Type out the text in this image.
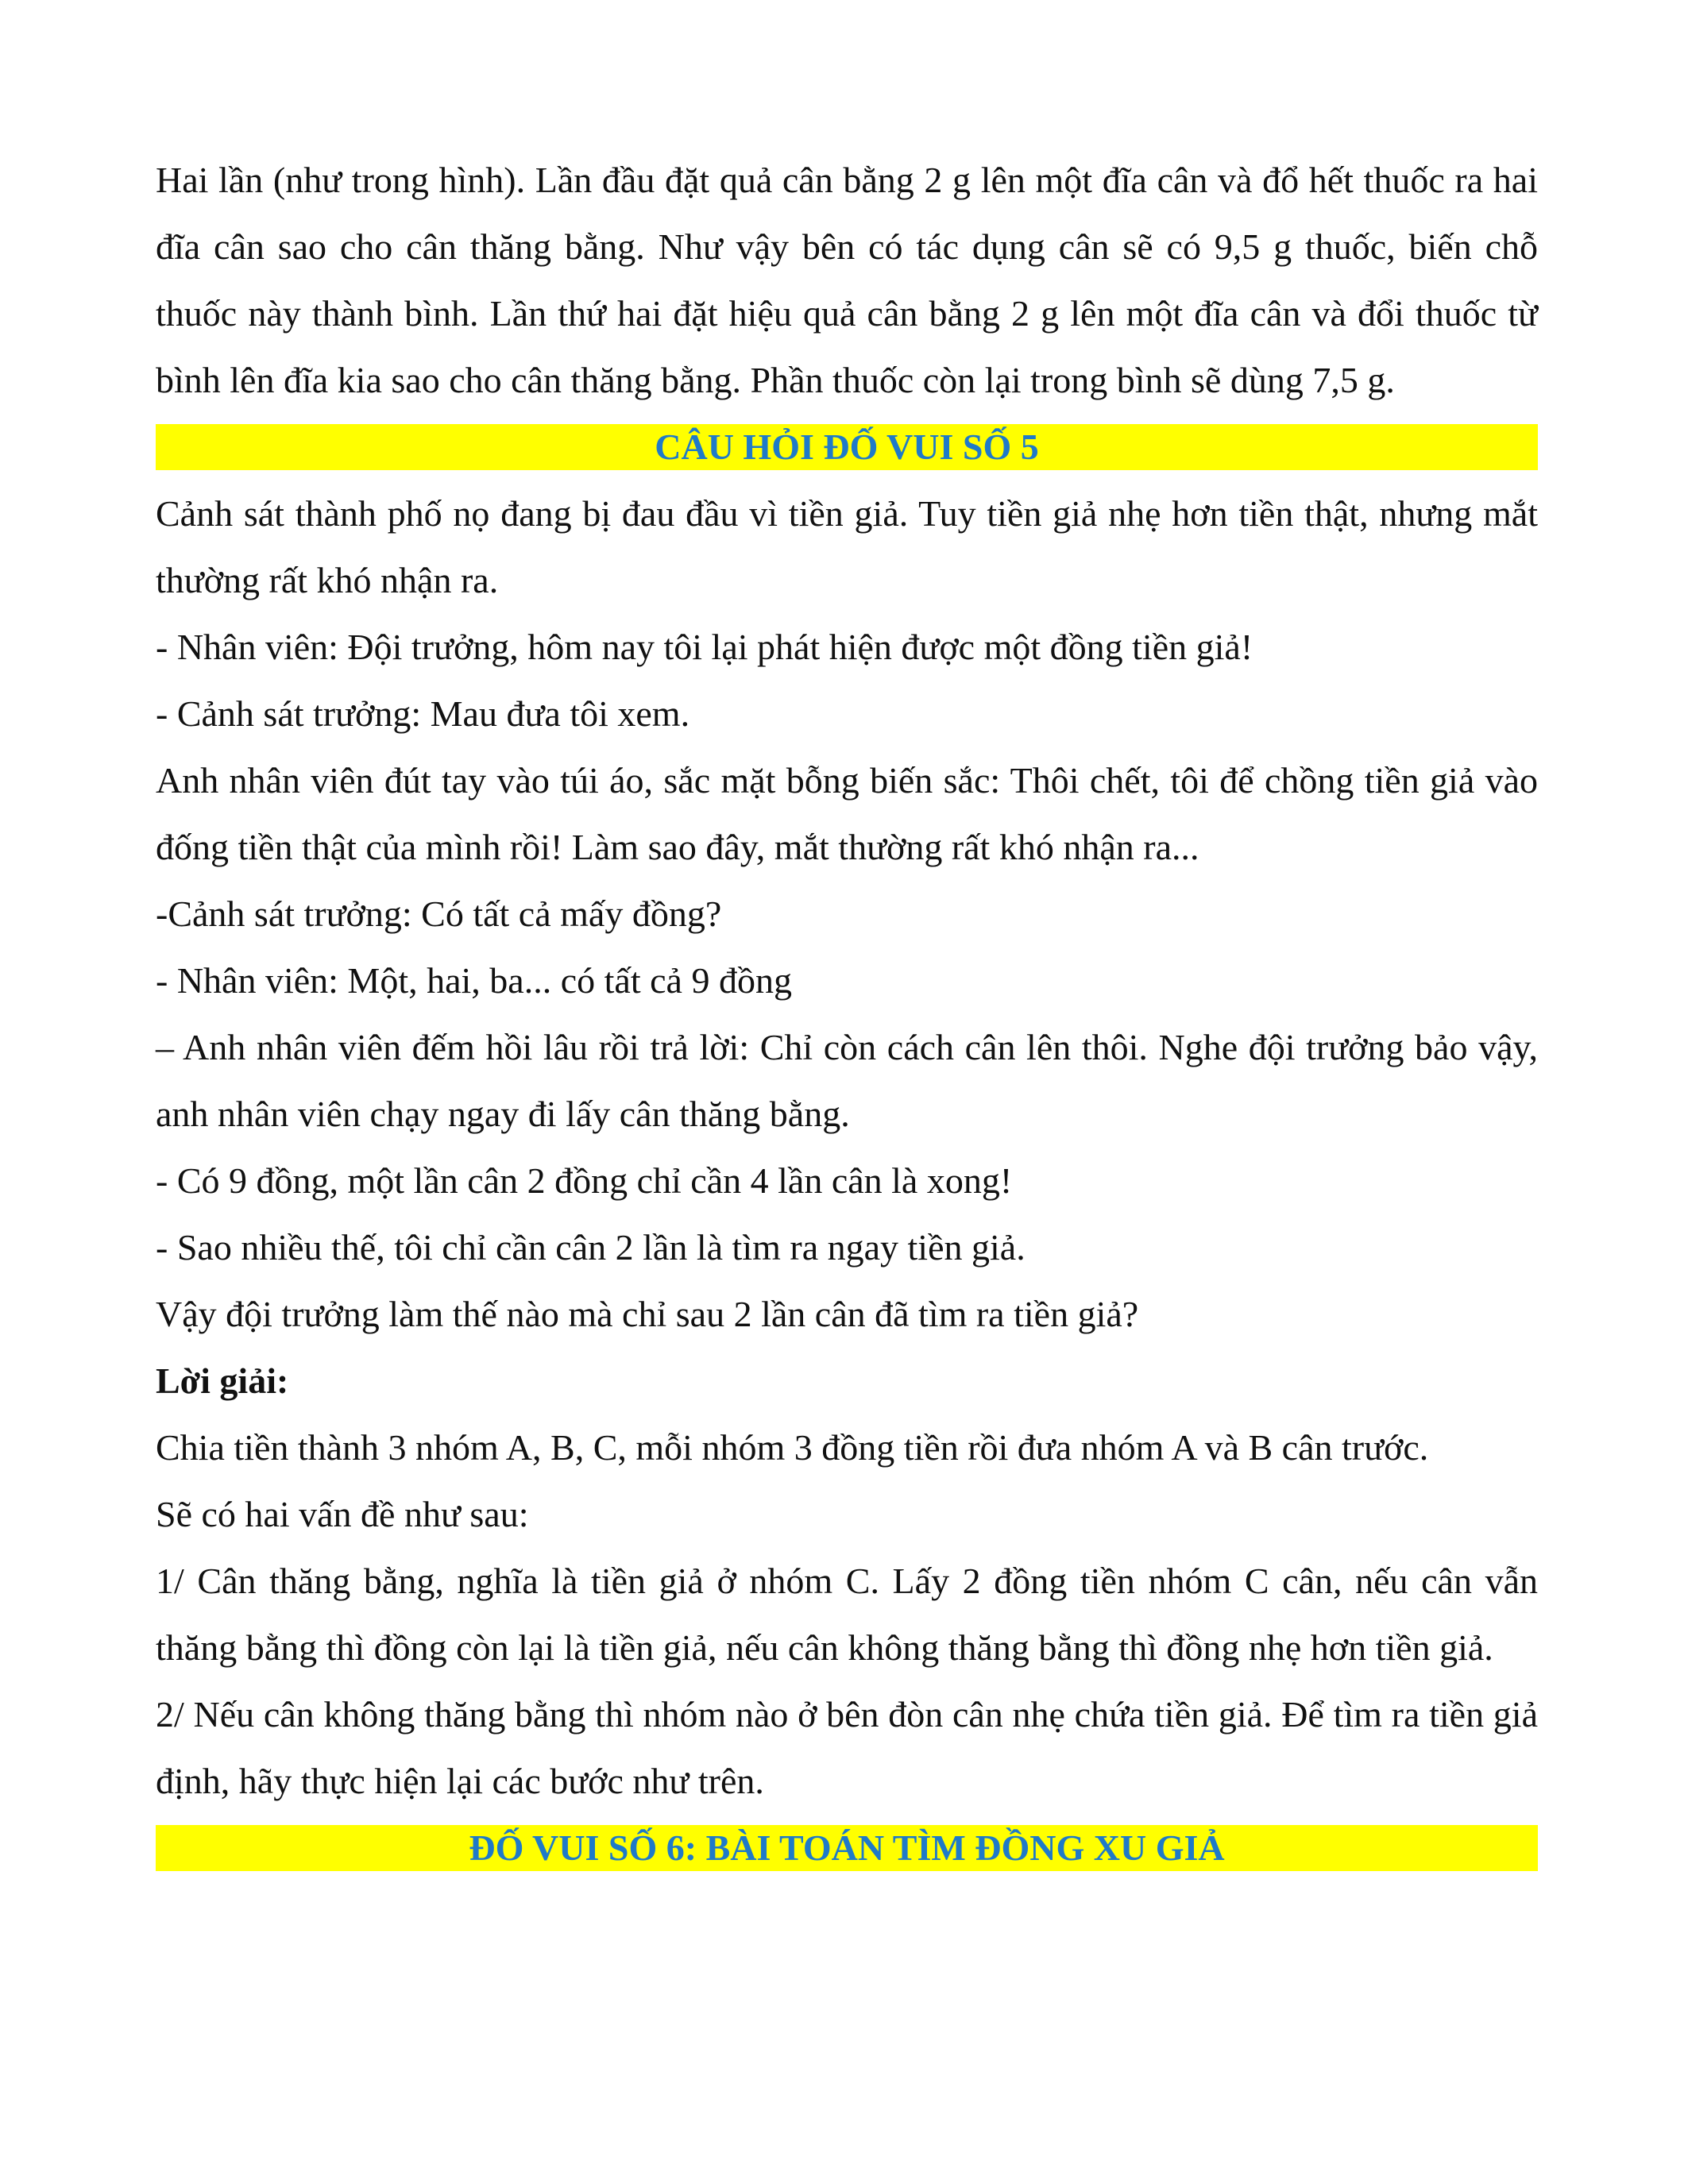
Hai lần (như trong hình). Lần đầu đặt quả cân bằng 2 g lên một đĩa cân và đổ hết thuốc ra hai đĩa cân sao cho cân thăng bằng. Như vậy bên có tác dụng cân sẽ có 9,5 g thuốc, biến chỗ thuốc này thành bình. Lần thứ hai đặt hiệu quả cân bằng 2 g lên một đĩa cân và đổi thuốc từ bình lên đĩa kia sao cho cân thăng bằng. Phần thuốc còn lại trong bình sẽ dùng 7,5 g.

CÂU HỎI ĐỐ VUI SỐ 5

Cảnh sát thành phố nọ đang bị đau đầu vì tiền giả. Tuy tiền giả nhẹ hơn tiền thật, nhưng mắt thường rất khó nhận ra.

- Nhân viên: Đội trưởng, hôm nay tôi lại phát hiện được một đồng tiền giả!

- Cảnh sát trưởng: Mau đưa tôi xem.

Anh nhân viên đút tay vào túi áo, sắc mặt bỗng biến sắc: Thôi chết, tôi để chồng tiền giả vào đống tiền thật của mình rồi! Làm sao đây, mắt thường rất khó nhận ra...

-Cảnh sát trưởng: Có tất cả mấy đồng?

- Nhân viên: Một, hai, ba... có tất cả 9 đồng

– Anh nhân viên đếm hồi lâu rồi trả lời: Chỉ còn cách cân lên thôi. Nghe đội trưởng bảo vậy, anh nhân viên chạy ngay đi lấy cân thăng bằng.

- Có 9 đồng, một lần cân 2 đồng chỉ cần 4 lần cân là xong!

- Sao nhiều thế, tôi chỉ cần cân 2 lần là tìm ra ngay tiền giả.

Vậy đội trưởng làm thế nào mà chỉ sau 2 lần cân đã tìm ra tiền giả?

Lời giải:

Chia tiền thành 3 nhóm A, B, C, mỗi nhóm 3 đồng tiền rồi đưa nhóm A và B cân trước.

Sẽ có hai vấn đề như sau:

1/ Cân thăng bằng, nghĩa là tiền giả ở nhóm C. Lấy 2 đồng tiền nhóm C cân, nếu cân vẫn thăng bằng thì đồng còn lại là tiền giả, nếu cân không thăng bằng thì đồng nhẹ hơn tiền giả.

2/ Nếu cân không thăng bằng thì nhóm nào ở bên đòn cân nhẹ chứa tiền giả. Để tìm ra tiền giả định, hãy thực hiện lại các bước như trên.

ĐỐ VUI SỐ 6: BÀI TOÁN TÌM ĐỒNG XU GIẢ
